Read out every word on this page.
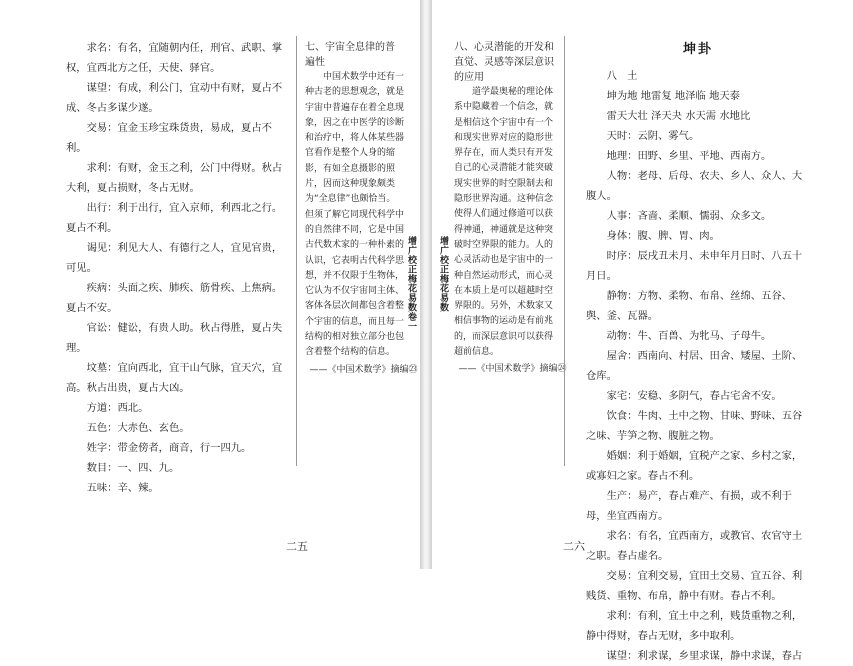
求名：有名，宜随朝内任，刑官、武职、掌权，宜西北方之任，天使、驿官。

谋望：有成，利公门，宜动中有财，夏占不成、冬占多谋少遂。

交易：宜金玉珍宝珠货贵，易成，夏占不利。

求利：有财，金玉之利，公门中得财。秋占大利，夏占损财，冬占无财。

出行：利于出行，宜入京师，利西北之行。夏占不利。

谒见：利见大人、有德行之人，宜见官贵，可见。

疾病：头面之疾、肺疾、筋骨疾、上焦病。夏占不安。

官讼：健讼，有贵人助。秋占得胜，夏占失理。

坟墓：宜向西北，宜干山气脉，宜天穴，宜高。秋占出贵，夏占大凶。

方道：西北。

五色：大赤色、玄色。

姓字：带金傍者，商音，行一四九。

数目：一、四、九。

五味：辛、辣。

七、宇宙全息律的普遍性

中国术数学中还有一种古老的思想观念，就是宇宙中普遍存在着全息现象，因之在中医学的诊断和治疗中，将人体某些器官看作是整个人身的缩影，有如全息摄影的照片，因而这种现象颇类为“全息律”也颇恰当。但须了解它同现代科学中的自然律不同，它是中国古代数术家的一种朴素的认识，它表明古代科学思想，并不仅限于生物体，它认为不仅宇宙同主体、客体各层次间都包含着整个宇宙的信息，而且每一结构的相对独立部分也包含着整个结构的信息。

——《中国术数学》摘编㉓

增广校正梅花易数卷一
二五
增广校正梅花易数

八、心灵潜能的开发和直觉、灵感等深层意识的应用

道学最奥秘的理论体系中隐藏着一个信念，就是相信这个宇宙中有一个和现实世界对应的隐形世界存在，而人类只有开发自己的心灵潜能才能突破现实世界的时空限制去和隐形世界沟通。这种信念使得人们通过修道可以获得神通，神通就是这种突破时空界限的能力。人的心灵活动也是宇宙中的一种自然运动形式，而心灵在本质上是可以超越时空界限的。另外，术数家又相信事物的运动是有前兆的，而深层意识可以获得超前信息。

——《中国术数学》摘编㉔

坤卦

八　土

坤为地 地雷复 地泽临 地天泰

雷天大壮 泽天夬 水天需 水地比

天时：云阴、雾气。

地理：田野、乡里、平地、西南方。

人物：老母、后母、农夫、乡人、众人、大腹人。

人事：吝啬、柔顺、懦弱、众多文。

身体：腹、脾、胃、肉。

时序：辰戌丑未月、未申年月日时、八五十月日。

静物：方物、柔物、布帛、丝绵、五谷、舆、釜、瓦器。

动物：牛、百兽、为牝马、子母牛。

屋舍：西南向、村居、田舍、矮屋、土阶、仓库。

家宅：安稳、多阴气，春占宅舍不安。

饮食：牛肉、土中之物、甘味、野味、五谷之味、芋笋之物、腹脏之物。

婚姻：利于婚姻，宜税产之家、乡村之家，或寡妇之家。春占不利。

生产：易产，春占难产、有损，或不利于母，坐宜西南方。

求名：有名，宜西南方，或教官、农官守土之职。春占虚名。

交易：宜利交易，宜田土交易、宜五谷、利贱货、重物、布帛，静中有财。春占不利。

求利：有利，宜土中之利，贱货重物之利，静中得财，春占无财，多中取利。

谋望：利求谋，乡里求谋，静中求谋，春占

二六
